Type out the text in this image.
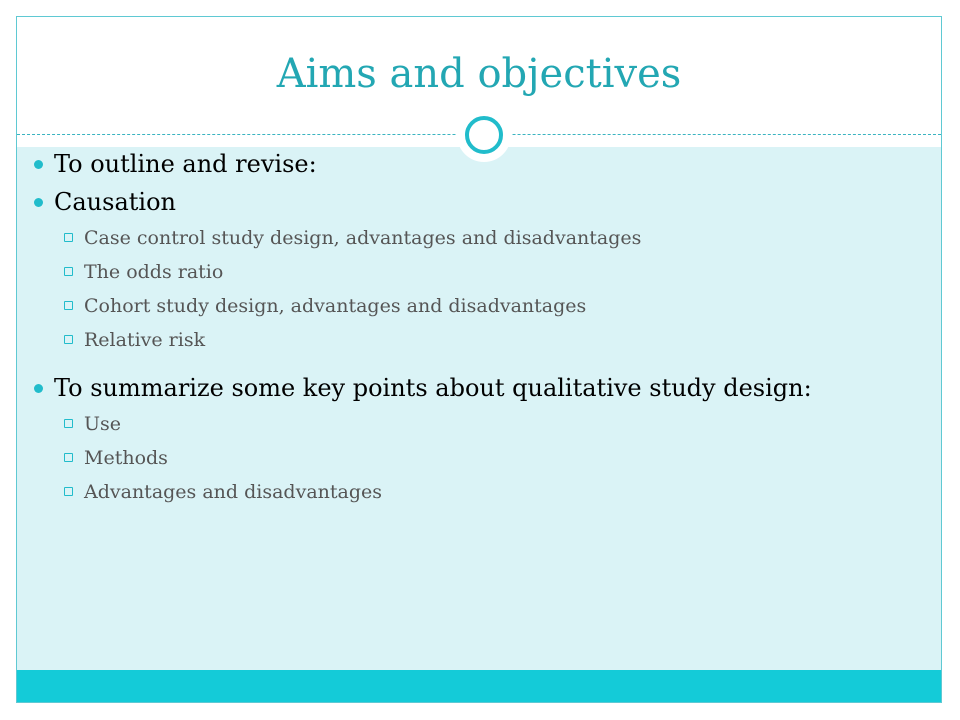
Aims and objectives
To outline and revise:
Causation
Case control study design, advantages and disadvantages
The odds ratio
Cohort study design, advantages and disadvantages
Relative risk
To summarize some key points about qualitative study design:
Use
Methods
Advantages and disadvantages
